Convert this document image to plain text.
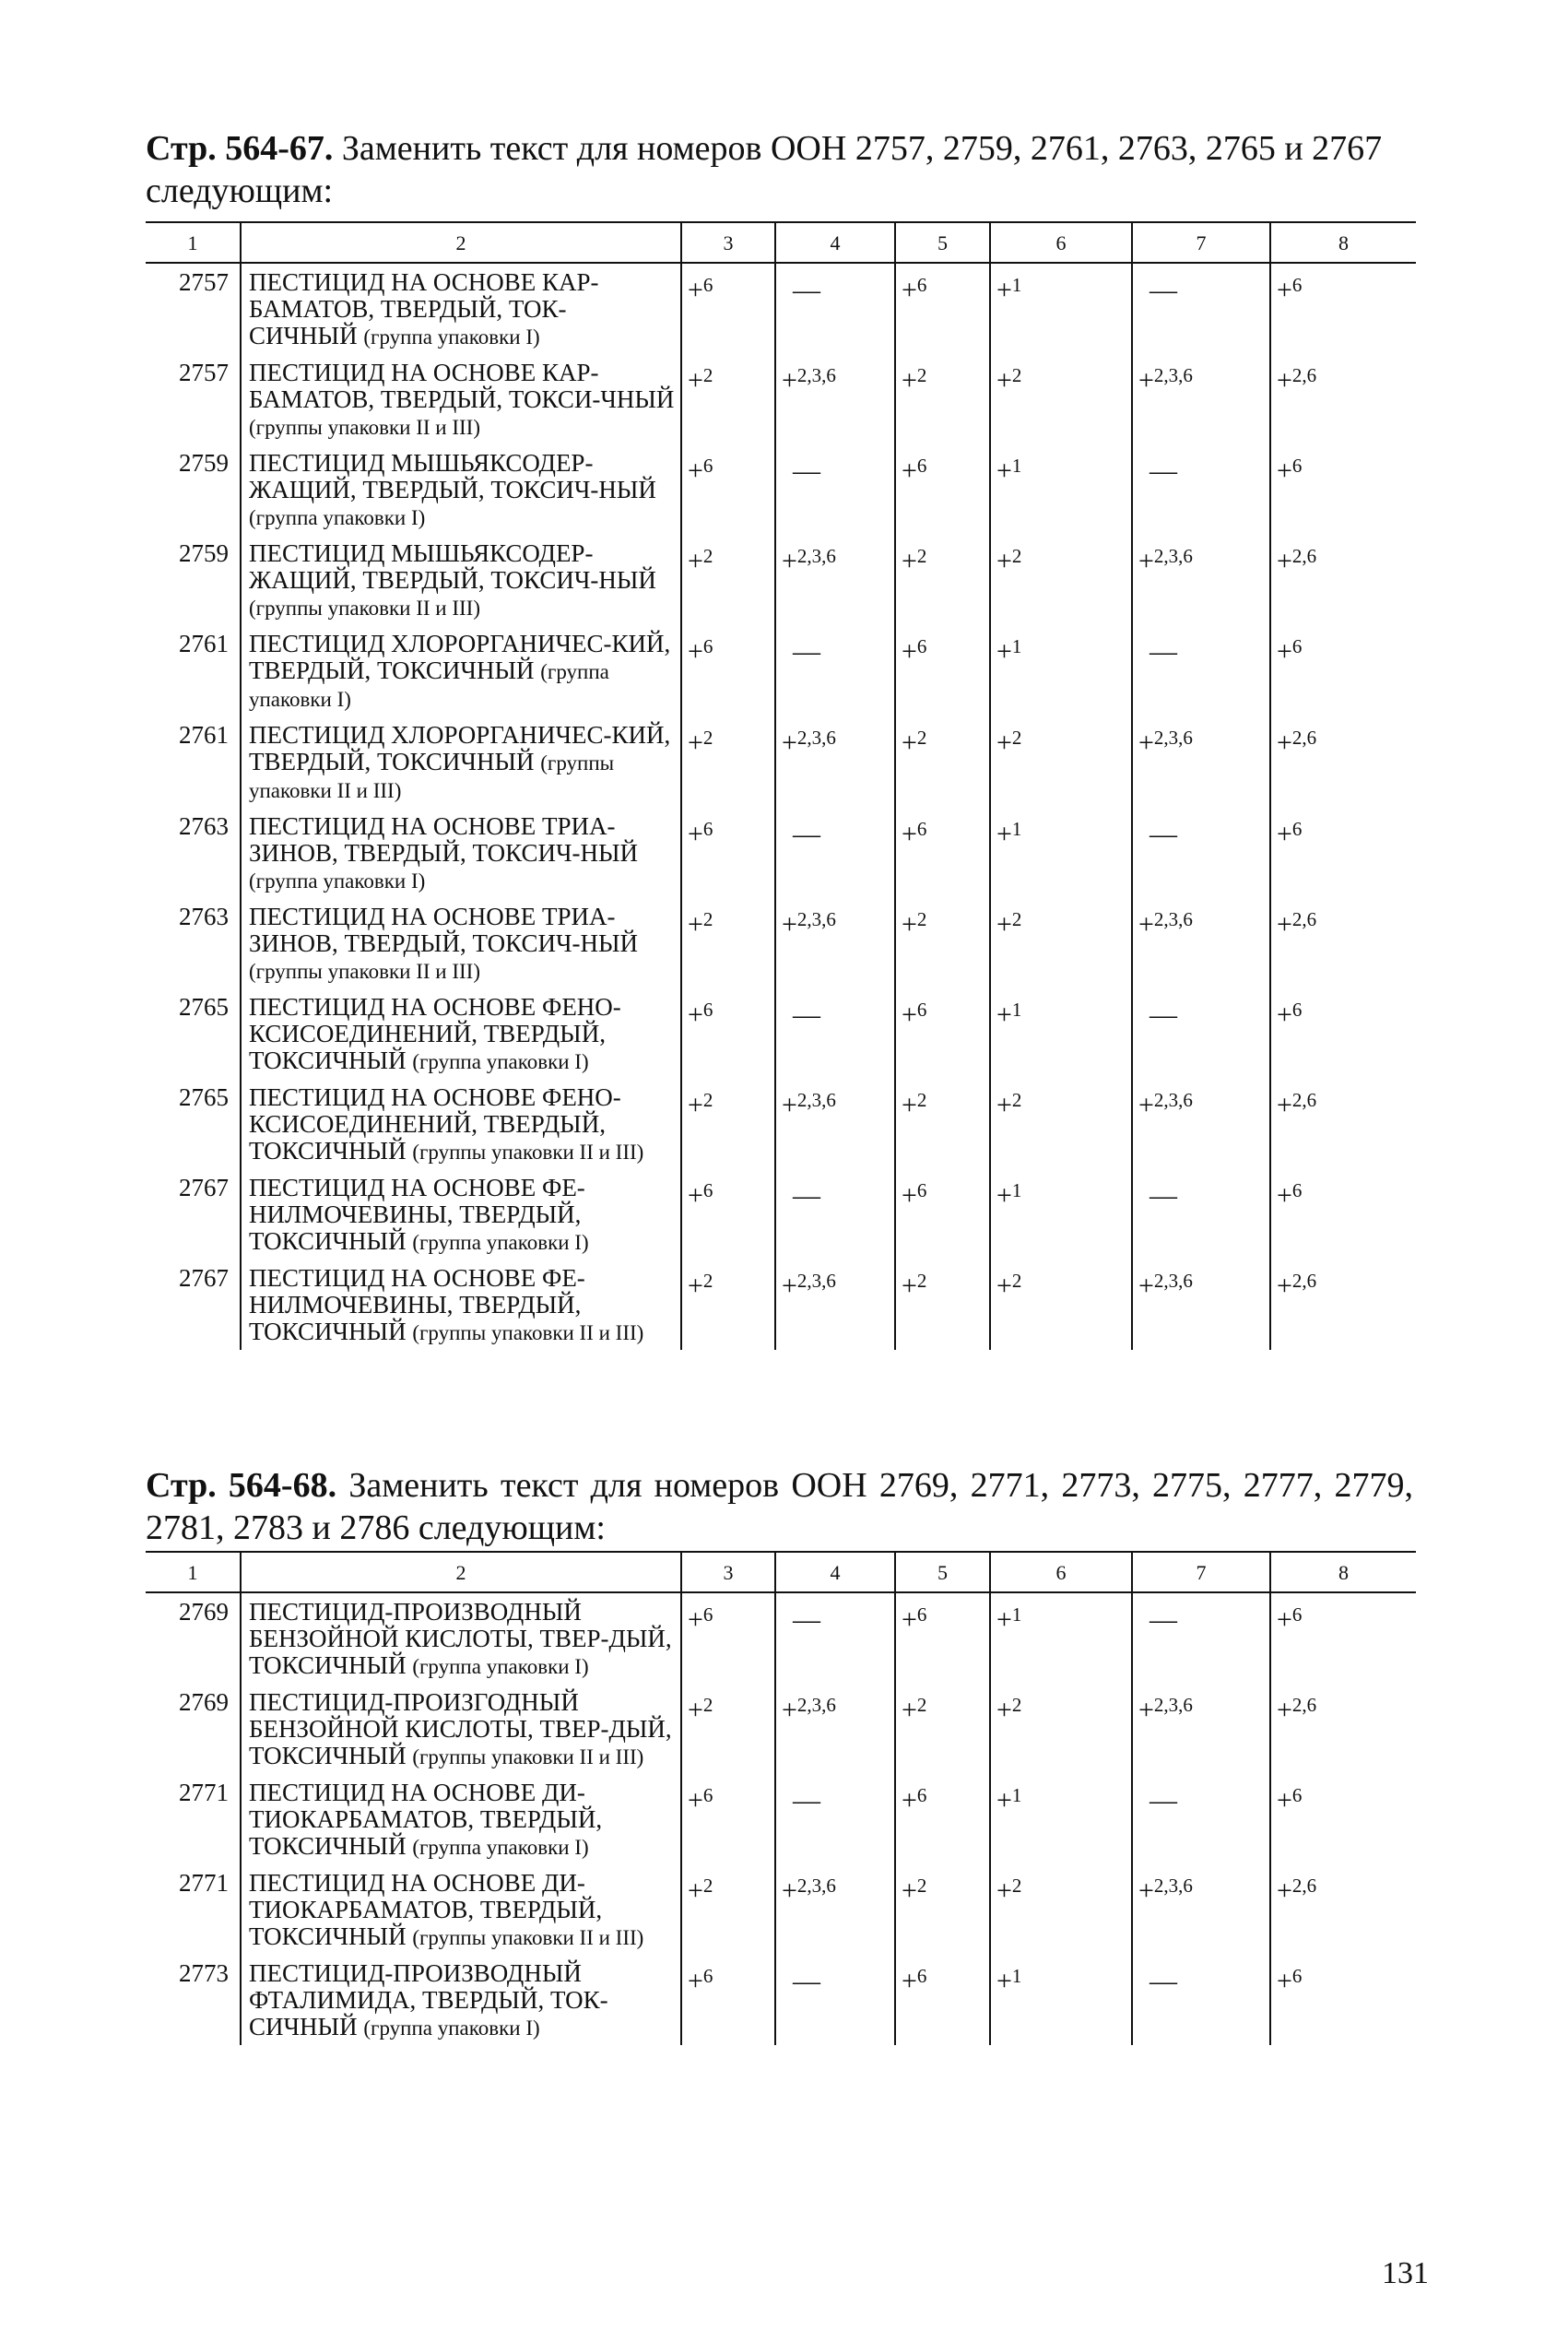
Стр. 564-67. Заменить текст для номеров ООН 2757, 2759, 2761, 2763, 2765 и 2767 следующим:

1	2	3	4	5	6	7	8
2757	ПЕСТИЦИД НА ОСНОВЕ КАР-БАМАТОВ, ТВЕРДЫЙ, ТОК-СИЧНЫЙ (группа упаковки I)	+$^6$	—	+$^6$	+$^1$	—	+$^6$
2757	ПЕСТИЦИД НА ОСНОВЕ КАР-БАМАТОВ, ТВЕРДЫЙ, ТОКСИ-ЧНЫЙ (группы упаковки II и III)	+$^2$	+$^{2,3,6}$	+$^2$	+$^2$	+$^{2,3,6}$	+$^{2,6}$
2759	ПЕСТИЦИД МЫШЬЯКСОДЕР-ЖАЩИЙ, ТВЕРДЫЙ, ТОКСИЧ-НЫЙ (группа упаковки I)	+$^6$	—	+$^6$	+$^1$	—	+$^6$
2759	ПЕСТИЦИД МЫШЬЯКСОДЕР-ЖАЩИЙ, ТВЕРДЫЙ, ТОКСИЧ-НЫЙ (группы упаковки II и III)	+$^2$	+$^{2,3,6}$	+$^2$	+$^2$	+$^{2,3,6}$	+$^{2,6}$
2761	ПЕСТИЦИД ХЛОРОРГАНИЧЕС-КИЙ, ТВЕРДЫЙ, ТОКСИЧНЫЙ (группа упаковки I)	+$^6$	—	+$^6$	+$^1$	—	+$^6$
2761	ПЕСТИЦИД ХЛОРОРГАНИЧЕС-КИЙ, ТВЕРДЫЙ, ТОКСИЧНЫЙ (группы упаковки II и III)	+$^2$	+$^{2,3,6}$	+$^2$	+$^2$	+$^{2,3,6}$	+$^{2,6}$
2763	ПЕСТИЦИД НА ОСНОВЕ ТРИА-ЗИНОВ, ТВЕРДЫЙ, ТОКСИЧ-НЫЙ (группа упаковки I)	+$^6$	—	+$^6$	+$^1$	—	+$^6$
2763	ПЕСТИЦИД НА ОСНОВЕ ТРИА-ЗИНОВ, ТВЕРДЫЙ, ТОКСИЧ-НЫЙ (группы упаковки II и III)	+$^2$	+$^{2,3,6}$	+$^2$	+$^2$	+$^{2,3,6}$	+$^{2,6}$
2765	ПЕСТИЦИД НА ОСНОВЕ ФЕНО-КСИСОЕДИНЕНИЙ, ТВЕРДЫЙ, ТОКСИЧНЫЙ (группа упаковки I)	+$^6$	—	+$^6$	+$^1$	—	+$^6$
2765	ПЕСТИЦИД НА ОСНОВЕ ФЕНО-КСИСОЕДИНЕНИЙ, ТВЕРДЫЙ, ТОКСИЧНЫЙ (группы упаковки II и III)	+$^2$	+$^{2,3,6}$	+$^2$	+$^2$	+$^{2,3,6}$	+$^{2,6}$
2767	ПЕСТИЦИД НА ОСНОВЕ ФЕ-НИЛМОЧЕВИНЫ, ТВЕРДЫЙ, ТОКСИЧНЫЙ (группа упаковки I)	+$^6$	—	+$^6$	+$^1$	—	+$^6$
2767	ПЕСТИЦИД НА ОСНОВЕ ФЕ-НИЛМОЧЕВИНЫ, ТВЕРДЫЙ, ТОКСИЧНЫЙ (группы упаковки II и III)	+$^2$	+$^{2,3,6}$	+$^2$	+$^2$	+$^{2,3,6}$	+$^{2,6}$

Стр. 564-68. Заменить текст для номеров ООН 2769, 2771, 2773, 2775, 2777, 2779, 2781, 2783 и 2786 следующим:

1	2	3	4	5	6	7	8
2769	ПЕСТИЦИД-ПРОИЗВОДНЫЙ БЕНЗОЙНОЙ КИСЛОТЫ, ТВЕР-ДЫЙ, ТОКСИЧНЫЙ (группа упаковки I)	+$^6$	—	+$^6$	+$^1$	—	+$^6$
2769	ПЕСТИЦИД-ПРОИЗГОДНЫЙ БЕНЗОЙНОЙ КИСЛОТЫ, ТВЕР-ДЫЙ, ТОКСИЧНЫЙ (группы упаковки II и III)	+$^2$	+$^{2,3,6}$	+$^2$	+$^2$	+$^{2,3,6}$	+$^{2,6}$
2771	ПЕСТИЦИД НА ОСНОВЕ ДИ-ТИОКАРБАМАТОВ, ТВЕРДЫЙ, ТОКСИЧНЫЙ (группа упаковки I)	+$^6$	—	+$^6$	+$^1$	—	+$^6$
2771	ПЕСТИЦИД НА ОСНОВЕ ДИ-ТИОКАРБАМАТОВ, ТВЕРДЫЙ, ТОКСИЧНЫЙ (группы упаковки II и III)	+$^2$	+$^{2,3,6}$	+$^2$	+$^2$	+$^{2,3,6}$	+$^{2,6}$
2773	ПЕСТИЦИД-ПРОИЗВОДНЫЙ ФТАЛИМИДА, ТВЕРДЫЙ, ТОК-СИЧНЫЙ (группа упаковки I)	+$^6$	—	+$^6$	+$^1$	—	+$^6$

131
